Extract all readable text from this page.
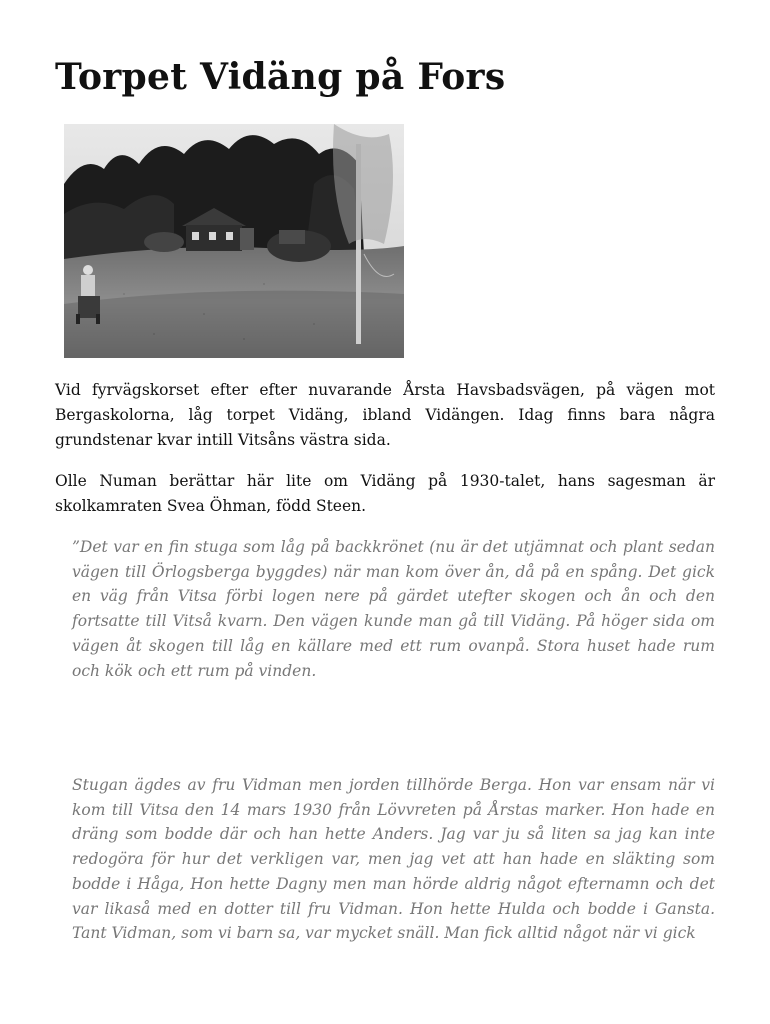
Torpet Vidäng på Fors

Vid fyrvägskorset efter efter nuvarande Årsta Havsbadsvägen, på vägen mot Bergaskolorna, låg torpet Vidäng, ibland Vidängen. Idag finns bara några grundstenar kvar intill Vitsåns västra sida.

Olle Numan berättar här lite om Vidäng på 1930-talet, hans sagesman är skolkamraten Svea Öhman, född Steen.

”Det var en fin stuga som låg på backkrönet (nu är det utjämnat och plant sedan vägen till Örlogsberga byggdes) när man kom över ån, då på en spång. Det gick en väg från Vitsa förbi logen nere på gärdet utefter skogen och ån och den fortsatte till Vitså kvarn. Den vägen kunde man gå till Vidäng. På höger sida om vägen åt skogen till låg en källare med ett rum ovanpå. Stora huset hade rum och kök och ett rum på vinden.

Stugan ägdes av fru Vidman men jorden tillhörde Berga. Hon var ensam när vi kom till Vitsa den 14 mars 1930 från Lövvreten på Årstas marker. Hon hade en dräng som bodde där och han hette Anders. Jag var ju så liten sa jag kan inte redogöra för hur det verkligen var, men jag vet att han hade en släkting som bodde i Håga, Hon hette Dagny men man hörde aldrig något efternamn och det var likaså med en dotter till fru Vidman. Hon hette Hulda och bodde i Gansta. Tant Vidman, som vi barn sa, var mycket snäll. Man fick alltid något när vi gick
